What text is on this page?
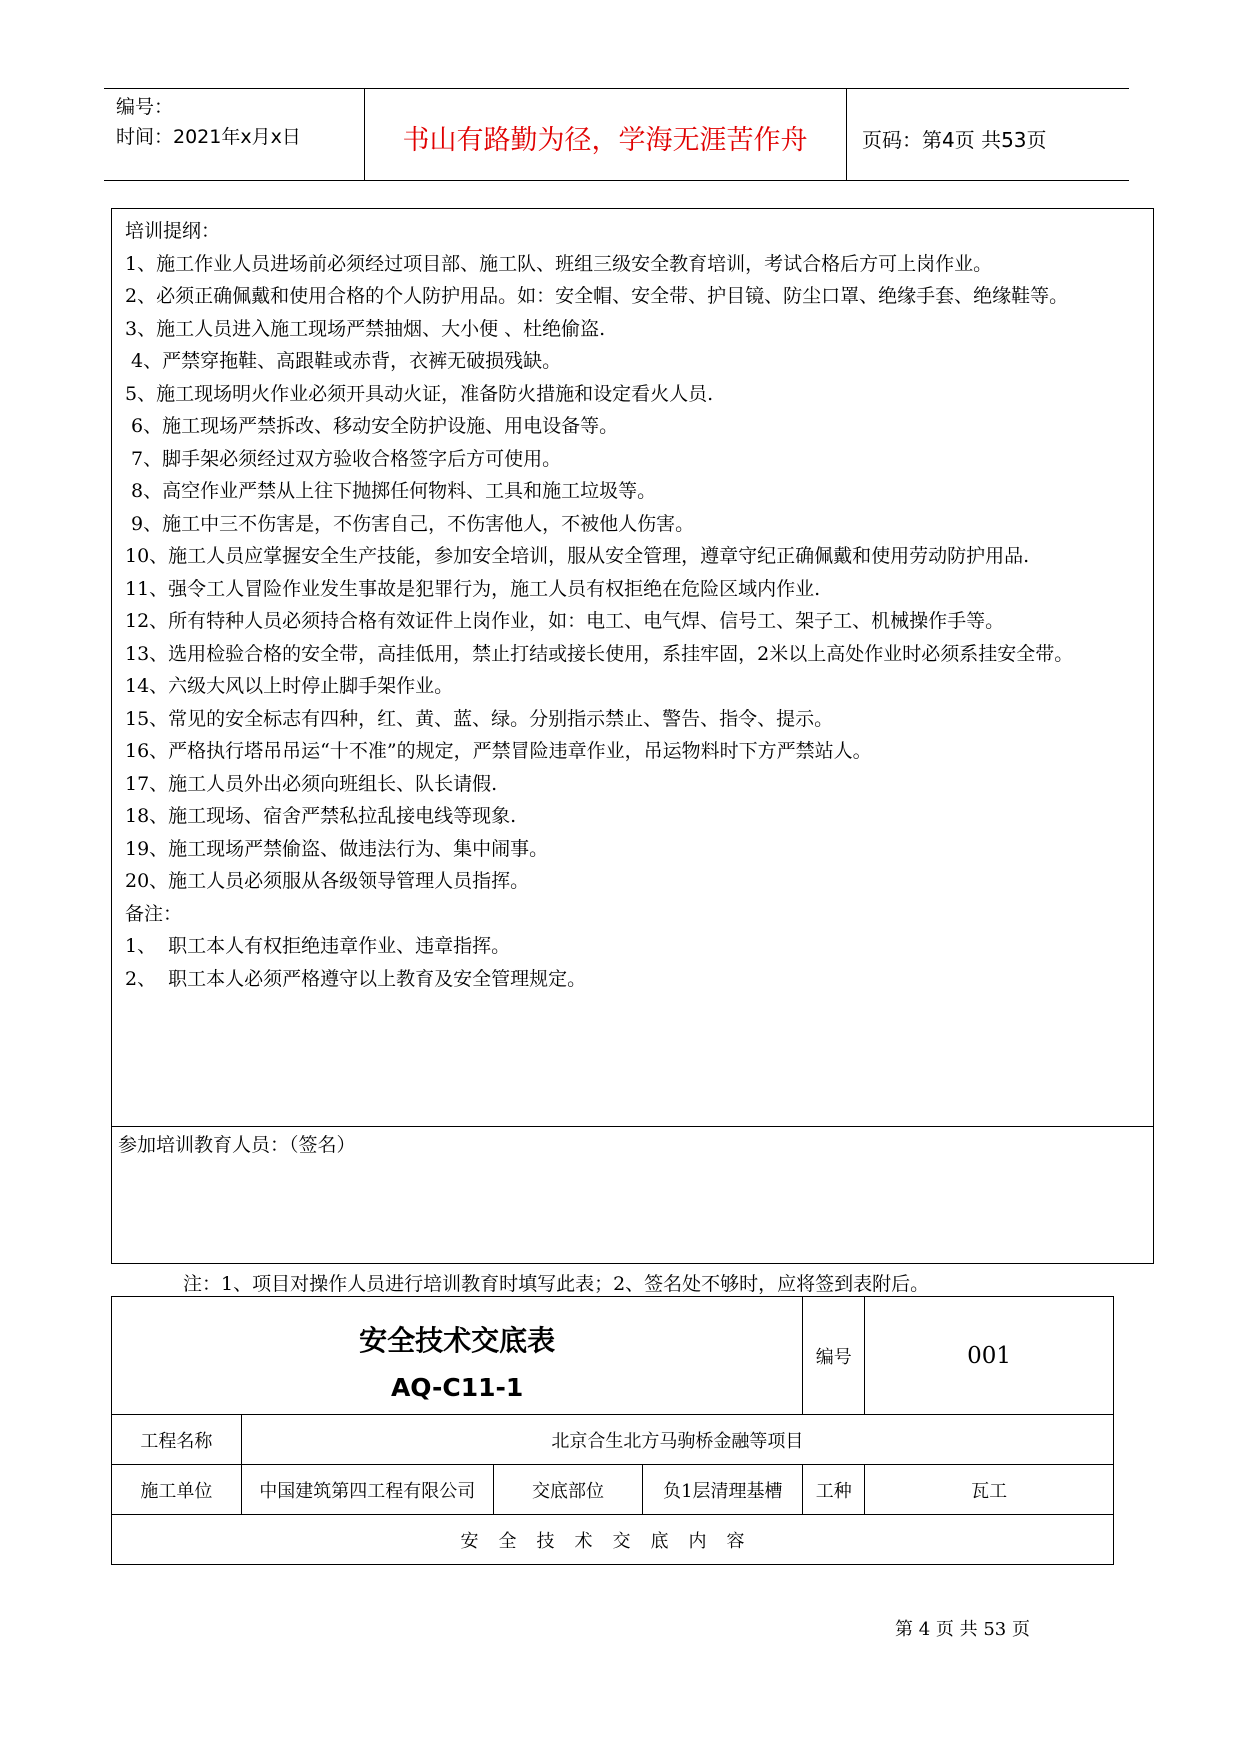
编号：
时间：2021年x月x日	书山有路勤为径，学海无涯苦作舟	页码：第4页 共53页

培训提纲：

1、施工作业人员进场前必须经过项目部、施工队、班组三级安全教育培训，考试合格后方可上岗作业。

2、必须正确佩戴和使用合格的个人防护用品。如：安全帽、安全带、护目镜、防尘口罩、绝缘手套、绝缘鞋等。

3、施工人员进入施工现场严禁抽烟、大小便 、杜绝偷盗.

4、严禁穿拖鞋、高跟鞋或赤背，衣裤无破损残缺。

5、施工现场明火作业必须开具动火证，准备防火措施和设定看火人员.

6、施工现场严禁拆改、移动安全防护设施、用电设备等。

7、脚手架必须经过双方验收合格签字后方可使用。

8、高空作业严禁从上往下抛掷任何物料、工具和施工垃圾等。

9、施工中三不伤害是，不伤害自己，不伤害他人，不被他人伤害。

10、施工人员应掌握安全生产技能，参加安全培训，服从安全管理，遵章守纪正确佩戴和使用劳动防护用品.

11、强令工人冒险作业发生事故是犯罪行为，施工人员有权拒绝在危险区域内作业.

12、所有特种人员必须持合格有效证件上岗作业，如：电工、电气焊、信号工、架子工、机械操作手等。

13、选用检验合格的安全带，高挂低用，禁止打结或接长使用，系挂牢固，2米以上高处作业时必须系挂安全带。

14、六级大风以上时停止脚手架作业。

15、常见的安全标志有四种，红、黄、蓝、绿。分别指示禁止、警告、指令、提示。

16、严格执行塔吊吊运“十不准”的规定，严禁冒险违章作业，吊运物料时下方严禁站人。

17、施工人员外出必须向班组长、队长请假.

18、施工现场、宿舍严禁私拉乱接电线等现象.

19、施工现场严禁偷盗、做违法行为、集中闹事。

20、施工人员必须服从各级领导管理人员指挥。

备注：

1、  职工本人有权拒绝违章作业、违章指挥。

2、  职工本人必须严格遵守以上教育及安全管理规定。

参加培训教育人员：（签名）
注：1、项目对操作人员进行培训教育时填写此表；2、签名处不够时，应将签到表附后。
安全技术交底表
AQ-C11-1				编号	001
工程名称	北京合生北方马驹桥金融等项目				
施工单位	中国建筑第四工程有限公司	交底部位	负1层清理基槽	工种	瓦工
安全技术交底内容					
第 4 页 共 53 页
